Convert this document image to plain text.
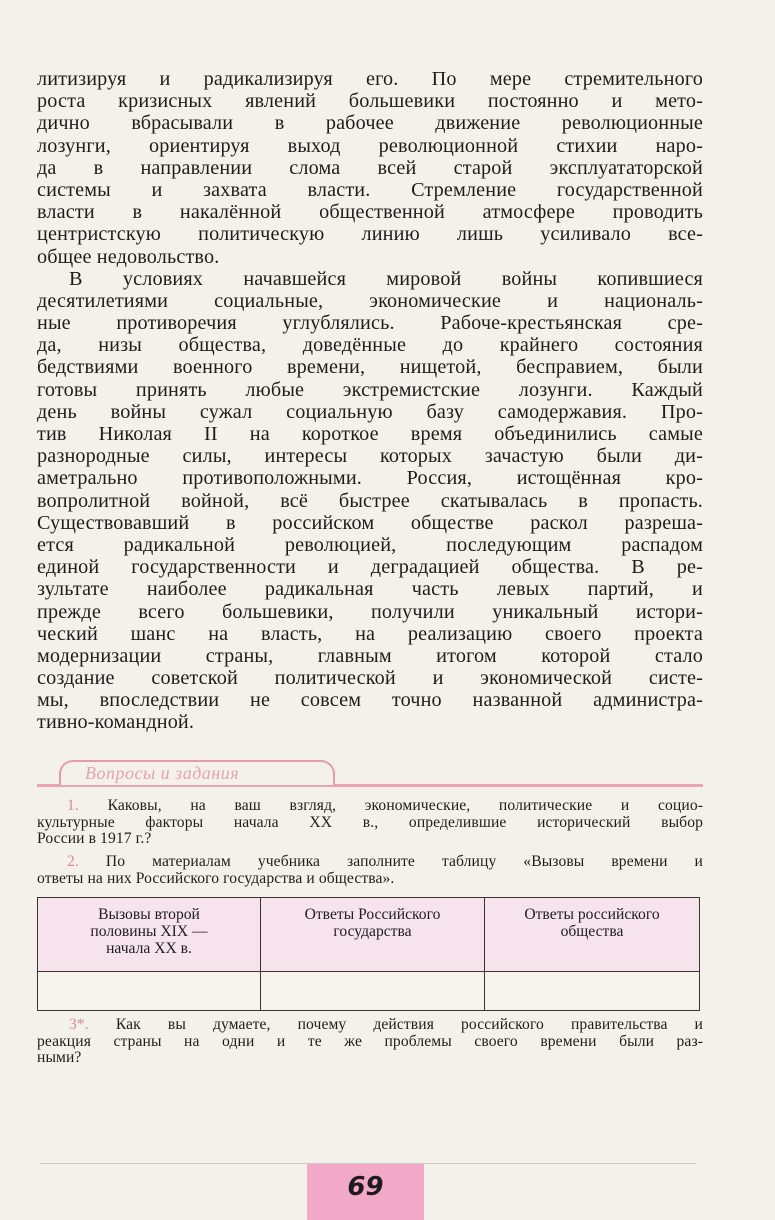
литизируя и радикализируя его. По мере стремительного
роста кризисных явлений большевики постоянно и мето-
дично вбрасывали в рабочее движение революционные
лозунги, ориентируя выход революционной стихии наро-
да в направлении слома всей старой эксплуататорской
системы и захвата власти. Стремление государственной
власти в накалённой общественной атмосфере проводить
центристскую политическую линию лишь усиливало все-
общее недовольство.
В условиях начавшейся мировой войны копившиеся
десятилетиями социальные, экономические и националь-
ные противоречия углублялись. Рабоче-крестьянская сре-
да, низы общества, доведённые до крайнего состояния
бедствиями военного времени, нищетой, бесправием, были
готовы принять любые экстремистские лозунги. Каждый
день войны сужал социальную базу самодержавия. Про-
тив Николая II на короткое время объединились самые
разнородные силы, интересы которых зачастую были ди-
аметрально противоположными. Россия, истощённая кро-
вопролитной войной, всё быстрее скатывалась в пропасть.
Существовавший в российском обществе раскол разреша-
ется радикальной революцией, последующим распадом
единой государственности и деградацией общества. В ре-
зультате наиболее радикальная часть левых партий, и
прежде всего большевики, получили уникальный истори-
ческий шанс на власть, на реализацию своего проекта
модернизации страны, главным итогом которой стало
создание советской политической и экономической систе-
мы, впоследствии не совсем точно названной администра-
тивно-командной.
Вопросы и задания
1. Каковы, на ваш взгляд, экономические, политические и социо-
культурные факторы начала XX в., определившие исторический выбор
России в 1917 г.?
2. По материалам учебника заполните таблицу «Вызовы времени и
ответы на них Российского государства и общества».
Вызовы второй
половины XIX —
начала XX в.	Ответы Российского
государства	Ответы российского
общества

3*. Как вы думаете, почему действия российского правительства и
реакция страны на одни и те же проблемы своего времени были раз-
ными?
69
